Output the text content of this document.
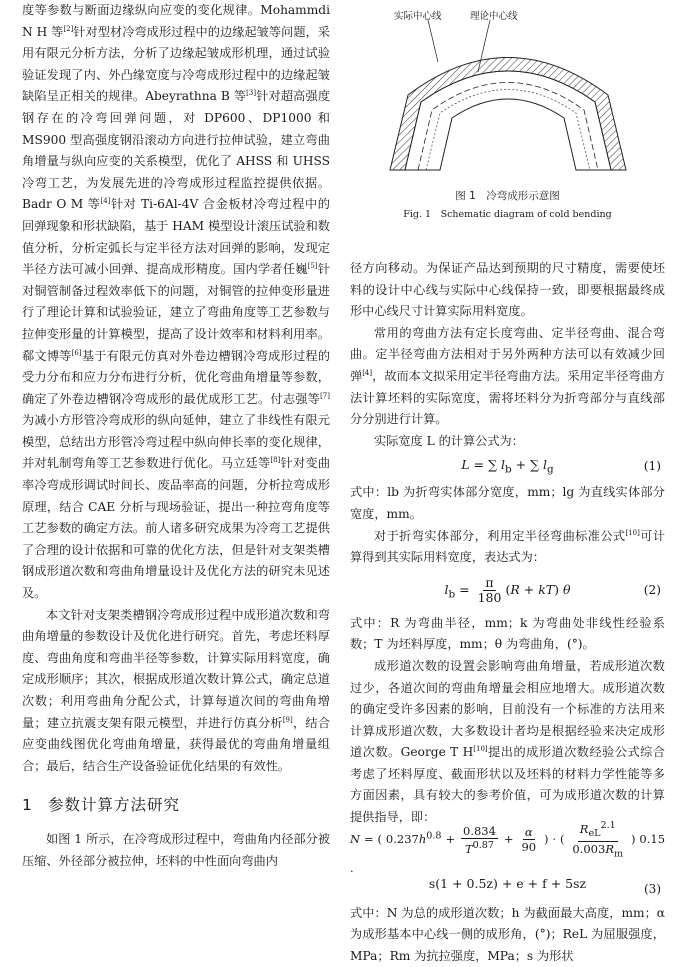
度等参数与断面边缘纵向应变的变化规律。Mohammdi N H 等[2]针对型材冷弯成形过程中的边缘起皱等问题，采用有限元分析方法，分析了边缘起皱成形机理，通过试验验证发现了内、外凸缘宽度与冷弯成形过程中的边缘起皱缺陷呈正相关的规律。Abeyrathna B 等[3]针对超高强度钢存在的冷弯回弹问题，对 DP600、DP1000 和 MS900 型高强度钢沿滚动方向进行拉伸试验，建立弯曲角增量与纵向应变的关系模型，优化了 AHSS 和 UHSS 冷弯工艺，为发展先进的冷弯成形过程监控提供依据。Badr O M 等[4]针对 Ti-6Al-4V 合金板材冷弯过程中的回弹现象和形状缺陷，基于 HAM 模型设计滚压试验和数值分析，分析定弧长与定半径方法对回弹的影响，发现定半径方法可减小回弹、提高成形精度。国内学者任巍[5]针对铜管制备过程效率低下的问题，对铜管的拉伸变形量进行了理论计算和试验验证，建立了弯曲角度等工艺参数与拉伸变形量的计算模型，提高了设计效率和材料利用率。郗文博等[6]基于有限元仿真对外卷边槽钢冷弯成形过程的受力分布和应力分布进行分析，优化弯曲角增量等参数，确定了外卷边槽钢冷弯成形的最优成形工艺。付志强等[7]为减小方形管冷弯成形的纵向延伸，建立了非线性有限元模型，总结出方形管冷弯过程中纵向伸长率的变化规律，并对轧制弯角等工艺参数进行优化。马立廷等[8]针对变曲率冷弯成形调试时间长、废品率高的问题，分析拉弯成形原理，结合 CAE 分析与现场验证，提出一种拉弯角度等工艺参数的确定方法。前人诸多研究成果为冷弯工艺提供了合理的设计依据和可靠的优化方法，但是针对支架类槽钢成形道次数和弯曲角增量设计及优化方法的研究未见述及。

本文针对支架类槽钢冷弯成形过程中成形道次数和弯曲角增量的参数设计及优化进行研究。首先，考虑坯料厚度、弯曲角度和弯曲半径等参数，计算实际用料宽度，确定成形顺序；其次，根据成形道次数计算公式，确定总道次数；利用弯曲角分配公式，计算每道次间的弯曲角增量；建立抗震支架有限元模型，并进行仿真分析[9]，结合应变曲线图优化弯曲角增量，获得最优的弯曲角增量组合；最后，结合生产设备验证优化结果的有效性。

1 参数计算方法研究

如图 1 所示，在冷弯成形过程中，弯曲角内径部分被压缩、外径部分被拉伸，坯料的中性面向弯曲内

实际中心线	理论中心线
图 1　冷弯成形示意图
Fig. 1　Schematic diagram of cold bending

径方向移动。为保证产品达到预期的尺寸精度，需要使坯料的设计中心线与实际中心线保持一致，即要根据最终成形中心线尺寸计算实际用料宽度。

常用的弯曲方法有定长度弯曲、定半径弯曲、混合弯曲。定半径弯曲方法相对于另外两种方法可以有效减少回弹[4]，故而本文拟采用定半径弯曲方法。采用定半径弯曲方法计算坯料的实际宽度，需将坯料分为折弯部分与直线部分分别进行计算。

实际宽度 L 的计算公式为：

L = ∑ $l_b$ + ∑ $l_g$	(1)

式中：lb 为折弯实体部分宽度，mm；lg 为直线实体部分宽度，mm。

对于折弯实体部分，利用定半径弯曲标准公式[10]可计算得到其实际用料宽度，表达式为：

$l_b = \frac{\pi}{180} (R + kT)$ θ	(2)

式中：R 为弯曲半径，mm；k 为弯曲处非线性经验系数；T 为坯料厚度，mm；θ 为弯曲角，(°)。

成形道次数的设置会影响弯曲角增量，若成形道次数过少，各道次间的弯曲角增量会相应地增大。成形道次数的确定受许多因素的影响，目前没有一个标准的方法用来计算成形道次数，大多数设计者均是根据经验来决定成形道次数。George T H[10]提出的成形道次数经验公式综合考虑了坯料厚度、截面形状以及坯料的材料力学性能等多方面因素，具有较大的参考价值，可为成形道次数的计算提供指导，即：

N = ( $0.237h^{0.8} + \frac{0.834}{T^{0.87}} + \frac{\alpha}{90}$ ) · ( $\frac{R_{eL}^{2.1}}{0.003R_m}$ ) 0.15 ·
s(1 + 0.5z) + e + f + 5sz	(3)

式中：N 为总的成形道次数；h 为截面最大高度，mm；α 为成形基本中心线一侧的成形角，(°)；ReL 为屈服强度，MPa；Rm 为抗拉强度，MPa；s 为形状
